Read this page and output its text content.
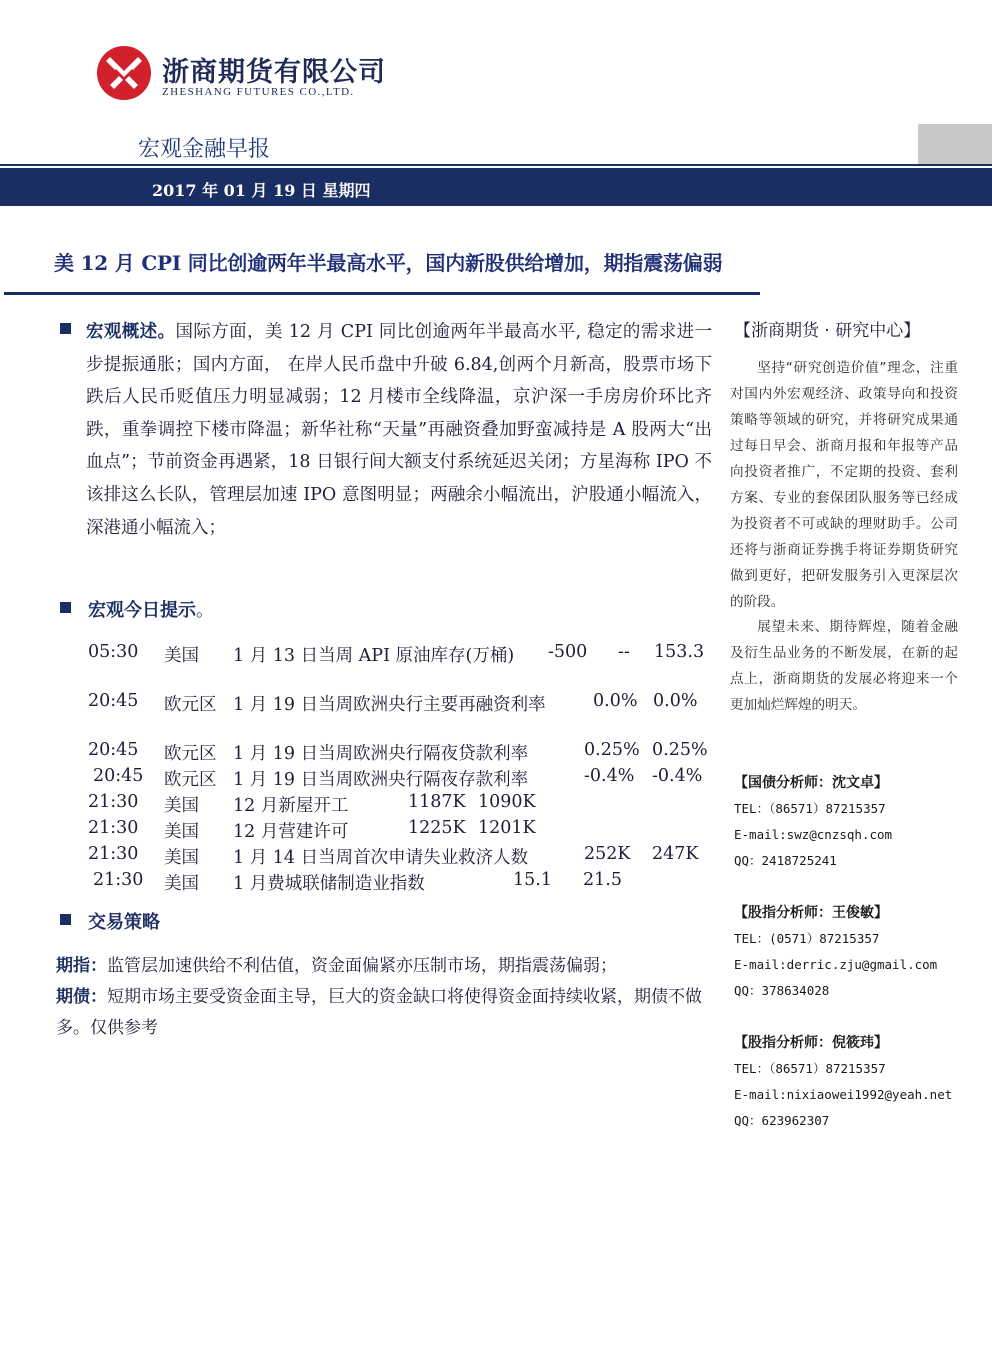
浙商期货有限公司
ZHESHANG FUTURES CO.,LTD.
宏观金融早报
2017 年 01 月 19 日 星期四
美 12 月 CPI 同比创逾两年半最高水平，国内新股供给增加，期指震荡偏弱
宏观概述。国际方面，美 12 月 CPI 同比创逾两年半最高水平, 稳定的需求进一步提振通胀；国内方面， 在岸人民币盘中升破 6.84,创两个月新高，股票市场下跌后人民币贬值压力明显减弱；12 月楼市全线降温，京沪深一手房房价环比齐跌，重拳调控下楼市降温；新华社称“天量”再融资叠加野蛮减持是 A 股两大“出血点”；节前资金再遇紧，18 日银行间大额支付系统延迟关闭；方星海称 IPO 不该排这么长队，管理层加速 IPO 意图明显；两融余小幅流出，沪股通小幅流入，深港通小幅流入；
宏观今日提示。
05:30 美国 1 月 13 日当周 API 原油库存(万桶) -500 -- 153.3
20:45 欧元区 1 月 19 日当周欧洲央行主要再融资利率	0.0% 0.0%
20:45 欧元区 1 月 19 日当周欧洲央行隔夜贷款利率	0.25% 0.25%
20:45 欧元区 1 月 19 日当周欧洲央行隔夜存款利率	-0.4% -0.4%
21:30 美国 12 月新屋开工	1187K 1090K
21:30 美国 12 月营建许可	1225K 1201K
21:30 美国 1 月 14 日当周首次申请失业救济人数	252K 247K
21:30 美国 1 月费城联储制造业指数	15.1 21.5
交易策略

期指：监管层加速供给不利估值，资金面偏紧亦压制市场，期指震荡偏弱；

期债：短期市场主要受资金面主导，巨大的资金缺口将使得资金面持续收紧，期债不做多。仅供参考

【浙商期货 · 研究中心】

坚持“研究创造价值”理念，注重对国内外宏观经济、政策导向和投资策略等领域的研究，并将研究成果通过每日早会、浙商月报和年报等产品向投资者推广，不定期的投资、套利方案、专业的套保团队服务等已经成为投资者不可或缺的理财助手。公司还将与浙商证券携手将证券期货研究做到更好，把研发服务引入更深层次的阶段。

展望未来、期待辉煌，随着金融及衍生品业务的不断发展，在新的起点上，浙商期货的发展必将迎来一个更加灿烂辉煌的明天。

【国债分析师：沈文卓】
TEL：（86571）87215357
E-mail:swz@cnzsqh.com
QQ：2418725241
【股指分析师：王俊敏】
TEL：(0571）87215357
E-mail:derric.zju@gmail.com
QQ：378634028
【股指分析师：倪筱玮】
TEL：（86571）87215357
E-mail:nixiaowei1992@yeah.net
QQ：623962307
